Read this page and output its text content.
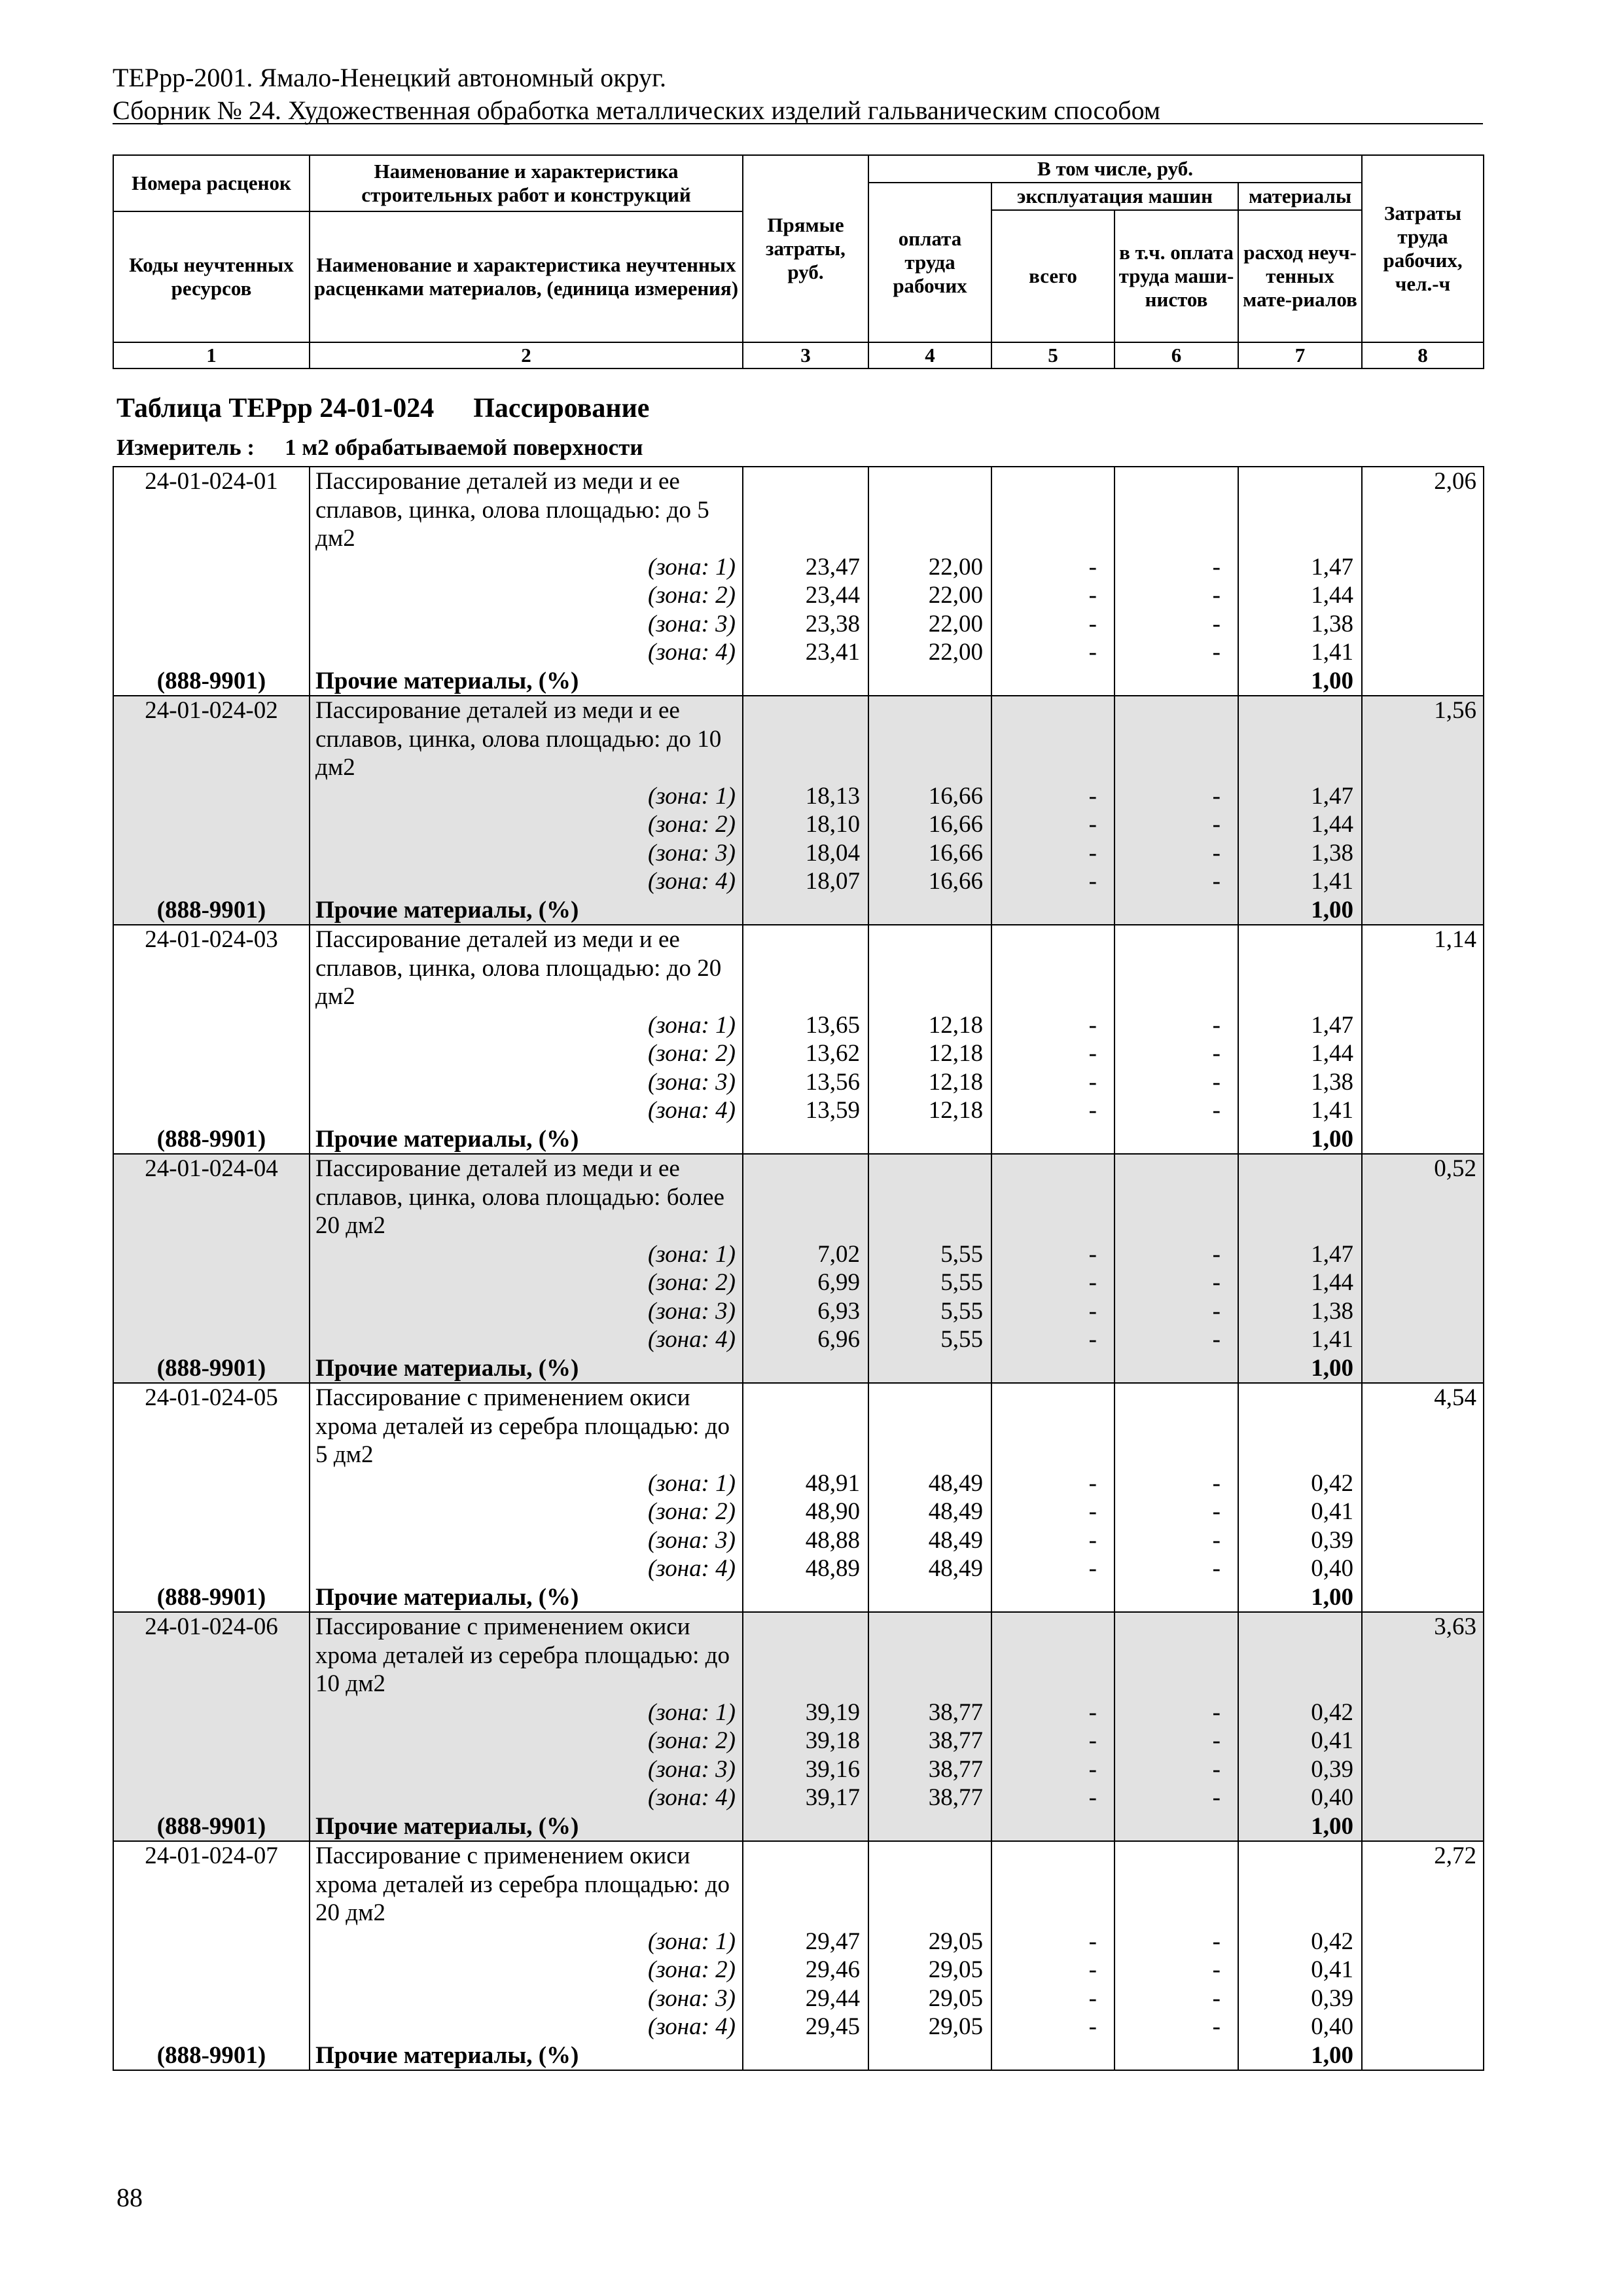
ТЕРрр-2001. Ямало-Ненецкий автономный округ.
Сборник № 24. Художественная обработка металлических изделий гальваническим способом
Номера расценок	Наименование и характеристика строительных работ и конструкций	Прямые затраты, руб.	В том числе, руб.				Затраты труда рабочих, чел.-ч
			оплата труда рабочих	эксплуатация машин		материалы	
				всего	в т.ч. оплата труда маши-нистов	расход неуч-тенных мате-риалов	
Коды неучтенных ресурсов	Наименование и характеристика неучтенных расценками материалов, (единица измерения)						

1	2	3	4	5	6	7	8
Таблица ТЕРрр 24-01-024 Пассирование
Измеритель : 1 м2 обрабатываемой поверхности
24-01-024-01	Пассирование деталей из меди и ее сплавов, цинка, олова площадью: до 5 дм2						2,06

	(зона: 1)	23,47	22,00	-	-	1,47	
	(зона: 2)	23,44	22,00	-	-	1,44	
	(зона: 3)	23,38	22,00	-	-	1,38	
	(зона: 4)	23,41	22,00	-	-	1,41	
(888-9901)	Прочие материалы, (%)					1,00	
24-01-024-02	Пассирование деталей из меди и ее сплавов, цинка, олова площадью: до 10 дм2						1,56

	(зона: 1)	18,13	16,66	-	-	1,47	
	(зона: 2)	18,10	16,66	-	-	1,44	
	(зона: 3)	18,04	16,66	-	-	1,38	
	(зона: 4)	18,07	16,66	-	-	1,41	
(888-9901)	Прочие материалы, (%)					1,00	
24-01-024-03	Пассирование деталей из меди и ее сплавов, цинка, олова площадью: до 20 дм2						1,14

	(зона: 1)	13,65	12,18	-	-	1,47	
	(зона: 2)	13,62	12,18	-	-	1,44	
	(зона: 3)	13,56	12,18	-	-	1,38	
	(зона: 4)	13,59	12,18	-	-	1,41	
(888-9901)	Прочие материалы, (%)					1,00	
24-01-024-04	Пассирование деталей из меди и ее сплавов, цинка, олова площадью: более 20 дм2						0,52

	(зона: 1)	7,02	5,55	-	-	1,47	
	(зона: 2)	6,99	5,55	-	-	1,44	
	(зона: 3)	6,93	5,55	-	-	1,38	
	(зона: 4)	6,96	5,55	-	-	1,41	
(888-9901)	Прочие материалы, (%)					1,00	
24-01-024-05	Пассирование с применением окиси хрома деталей из серебра площадью: до 5 дм2						4,54

	(зона: 1)	48,91	48,49	-	-	0,42	
	(зона: 2)	48,90	48,49	-	-	0,41	
	(зона: 3)	48,88	48,49	-	-	0,39	
	(зона: 4)	48,89	48,49	-	-	0,40	
(888-9901)	Прочие материалы, (%)					1,00	
24-01-024-06	Пассирование с применением окиси хрома деталей из серебра площадью: до 10 дм2						3,63

	(зона: 1)	39,19	38,77	-	-	0,42	
	(зона: 2)	39,18	38,77	-	-	0,41	
	(зона: 3)	39,16	38,77	-	-	0,39	
	(зона: 4)	39,17	38,77	-	-	0,40	
(888-9901)	Прочие материалы, (%)					1,00	
24-01-024-07	Пассирование с применением окиси хрома деталей из серебра площадью: до 20 дм2						2,72

	(зона: 1)	29,47	29,05	-	-	0,42	
	(зона: 2)	29,46	29,05	-	-	0,41	
	(зона: 3)	29,44	29,05	-	-	0,39	
	(зона: 4)	29,45	29,05	-	-	0,40	
(888-9901)	Прочие материалы, (%)					1,00	
88
